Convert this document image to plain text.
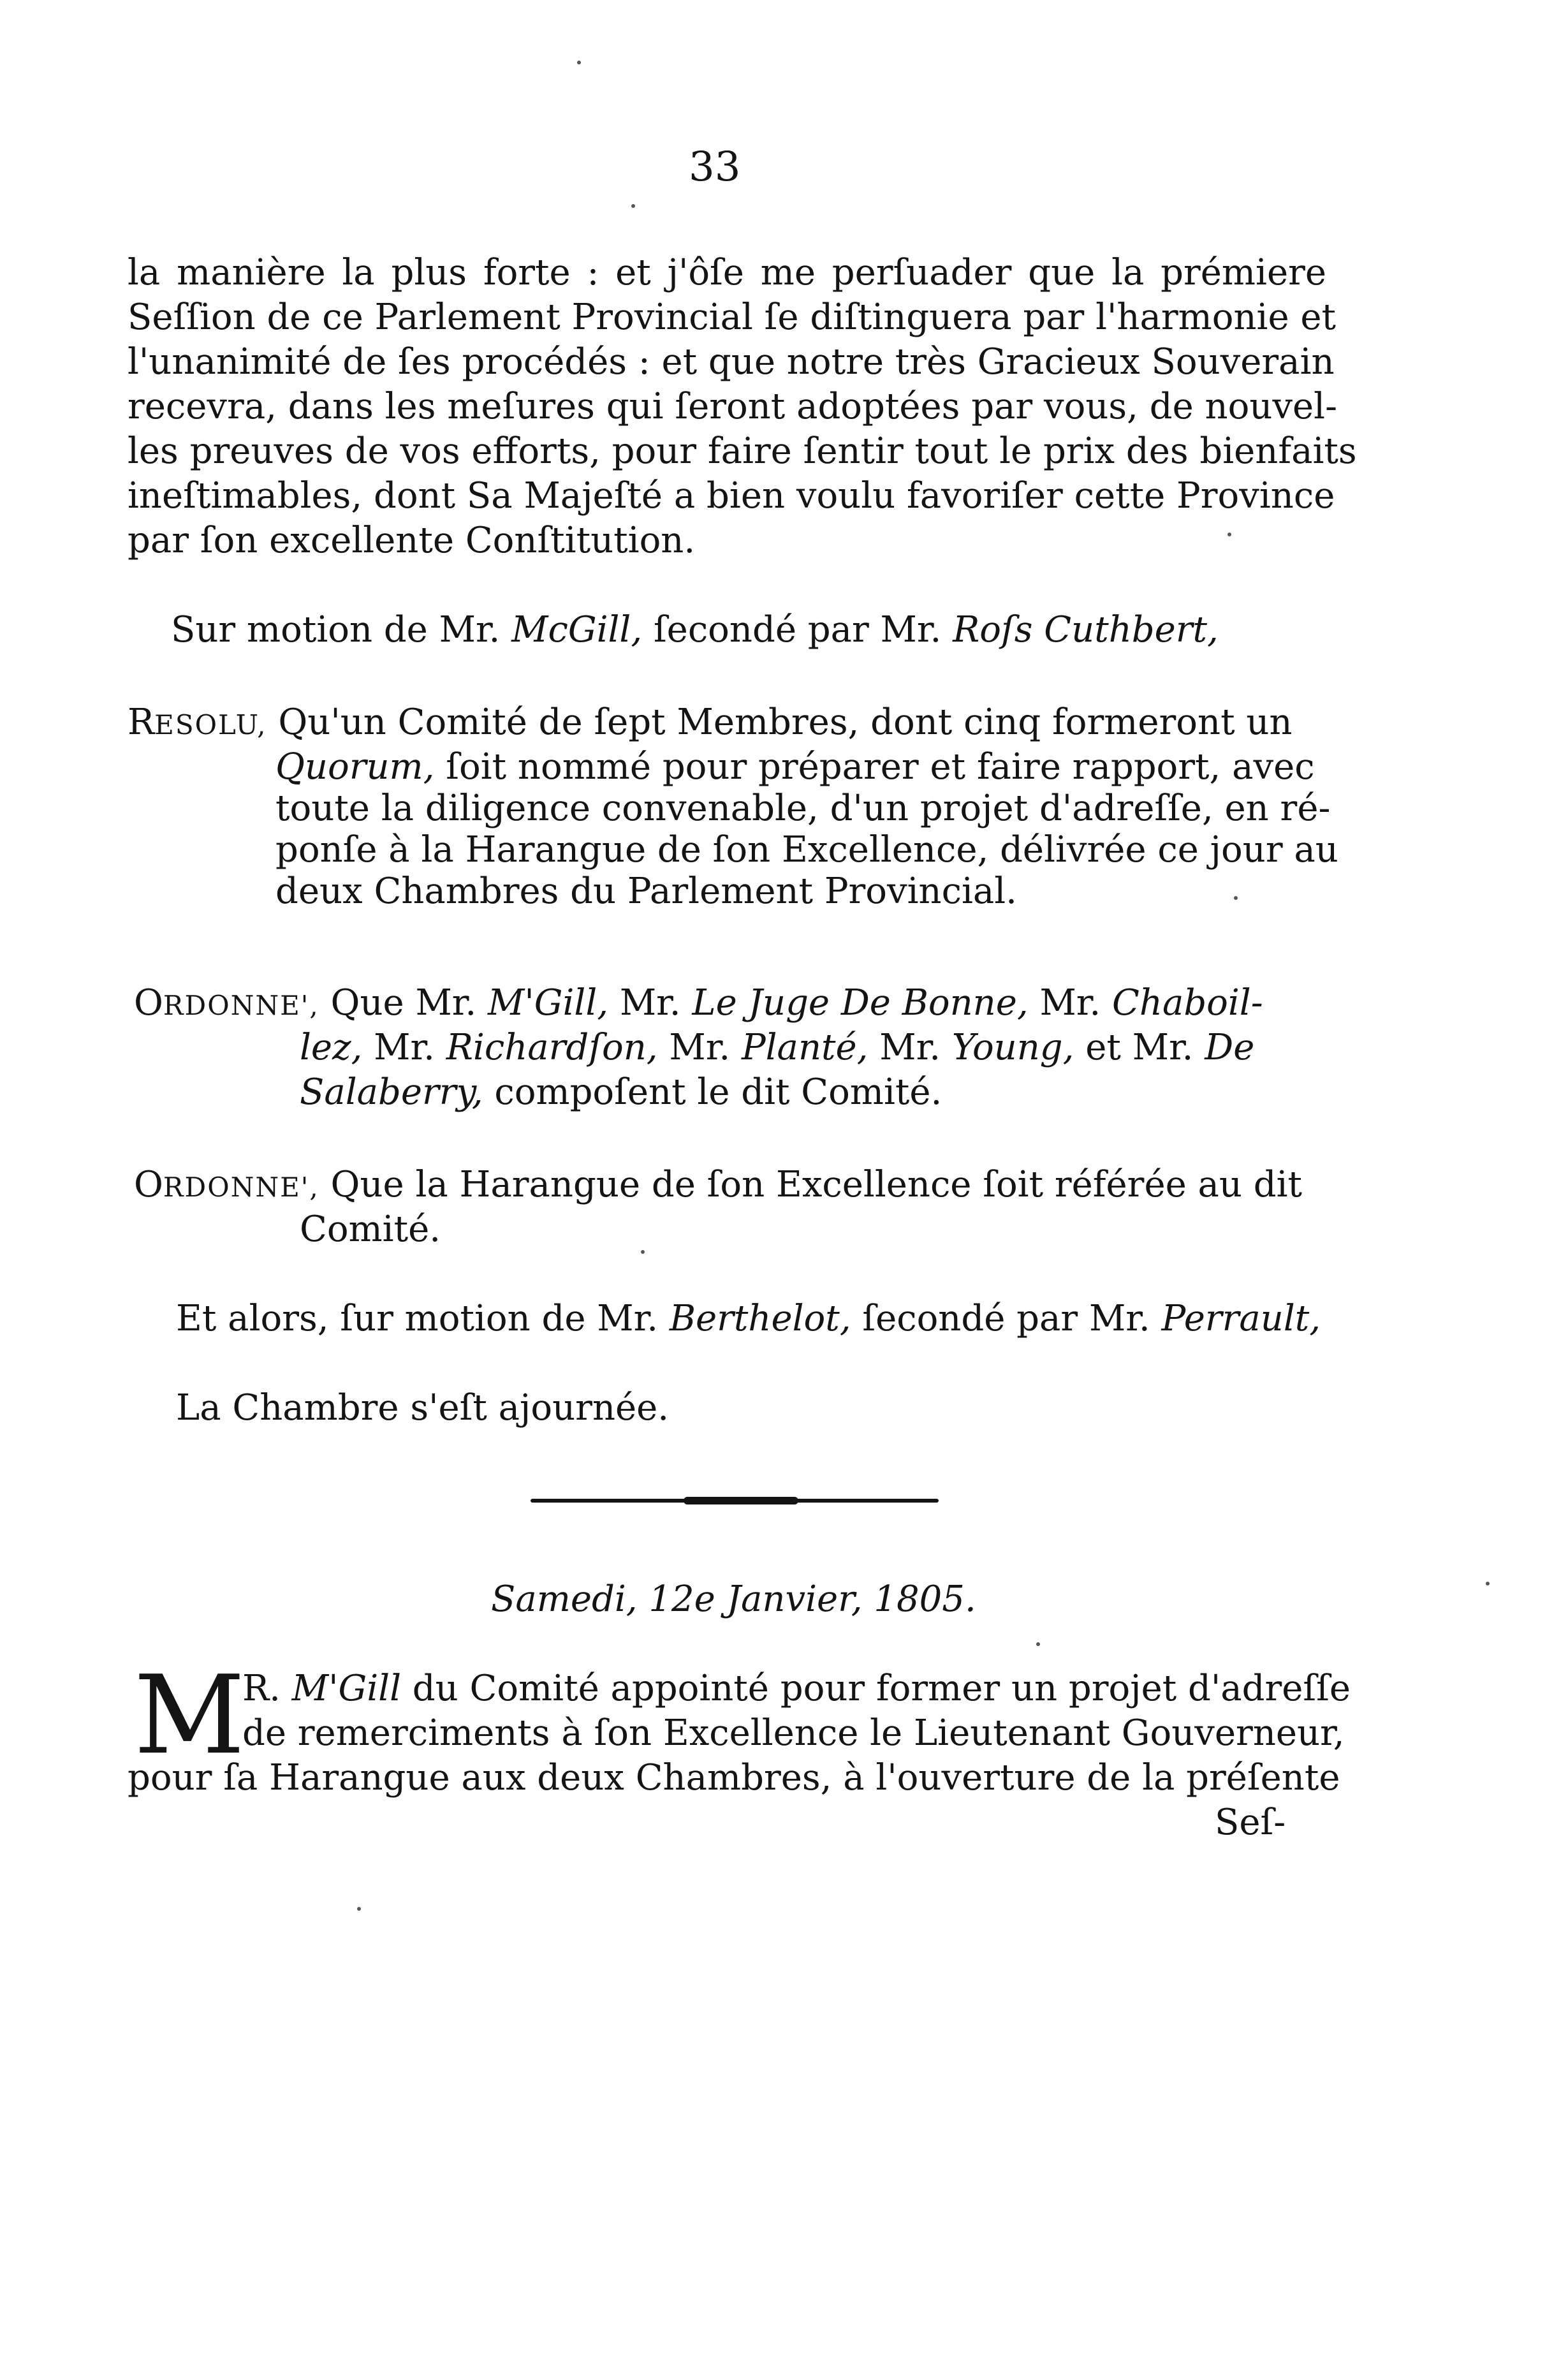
33
la manière la plus forte : et j'ôſe me perſuader que la prémiere
Seſſion de ce Parlement Provincial ſe diſtinguera par l'harmonie et
l'unanimité de ſes procédés : et que notre très Gracieux Souverain
recevra, dans les meſures qui ſeront adoptées par vous, de nouvel-
les preuves de vos efforts, pour faire ſentir tout le prix des bienfaits
ineſtimables, dont Sa Majeſté a bien voulu favoriſer cette Province
par ſon excellente Conſtitution.
Sur motion de Mr. McGill, ſecondé par Mr. Roſs Cuthbert,
RESOLU, Qu'un Comité de ſept Membres, dont cinq formeront un
Quorum, ſoit nommé pour préparer et faire rapport, avec
toute la diligence convenable, d'un projet d'adreſſe, en ré-
ponſe à la Harangue de ſon Excellence, délivrée ce jour au
deux Chambres du Parlement Provincial.
ORDONNE', Que Mr. M'Gill, Mr. Le Juge De Bonne, Mr. Chaboil-
lez, Mr. Richardſon, Mr. Planté, Mr. Young, et Mr. De
Salaberry, compoſent le dit Comité.
ORDONNE', Que la Harangue de ſon Excellence ſoit référée au dit
Comité.
Et alors, ſur motion de Mr. Berthelot, ſecondé par Mr. Perrault,
La Chambre s'eſt ajournée.
Samedi, 12e Janvier, 1805.
M
R. M'Gill du Comité appointé pour former un projet d'adreſſe
de remerciments à ſon Excellence le Lieutenant Gouverneur,
pour ſa Harangue aux deux Chambres, à l'ouverture de la préſente
Seſ-
